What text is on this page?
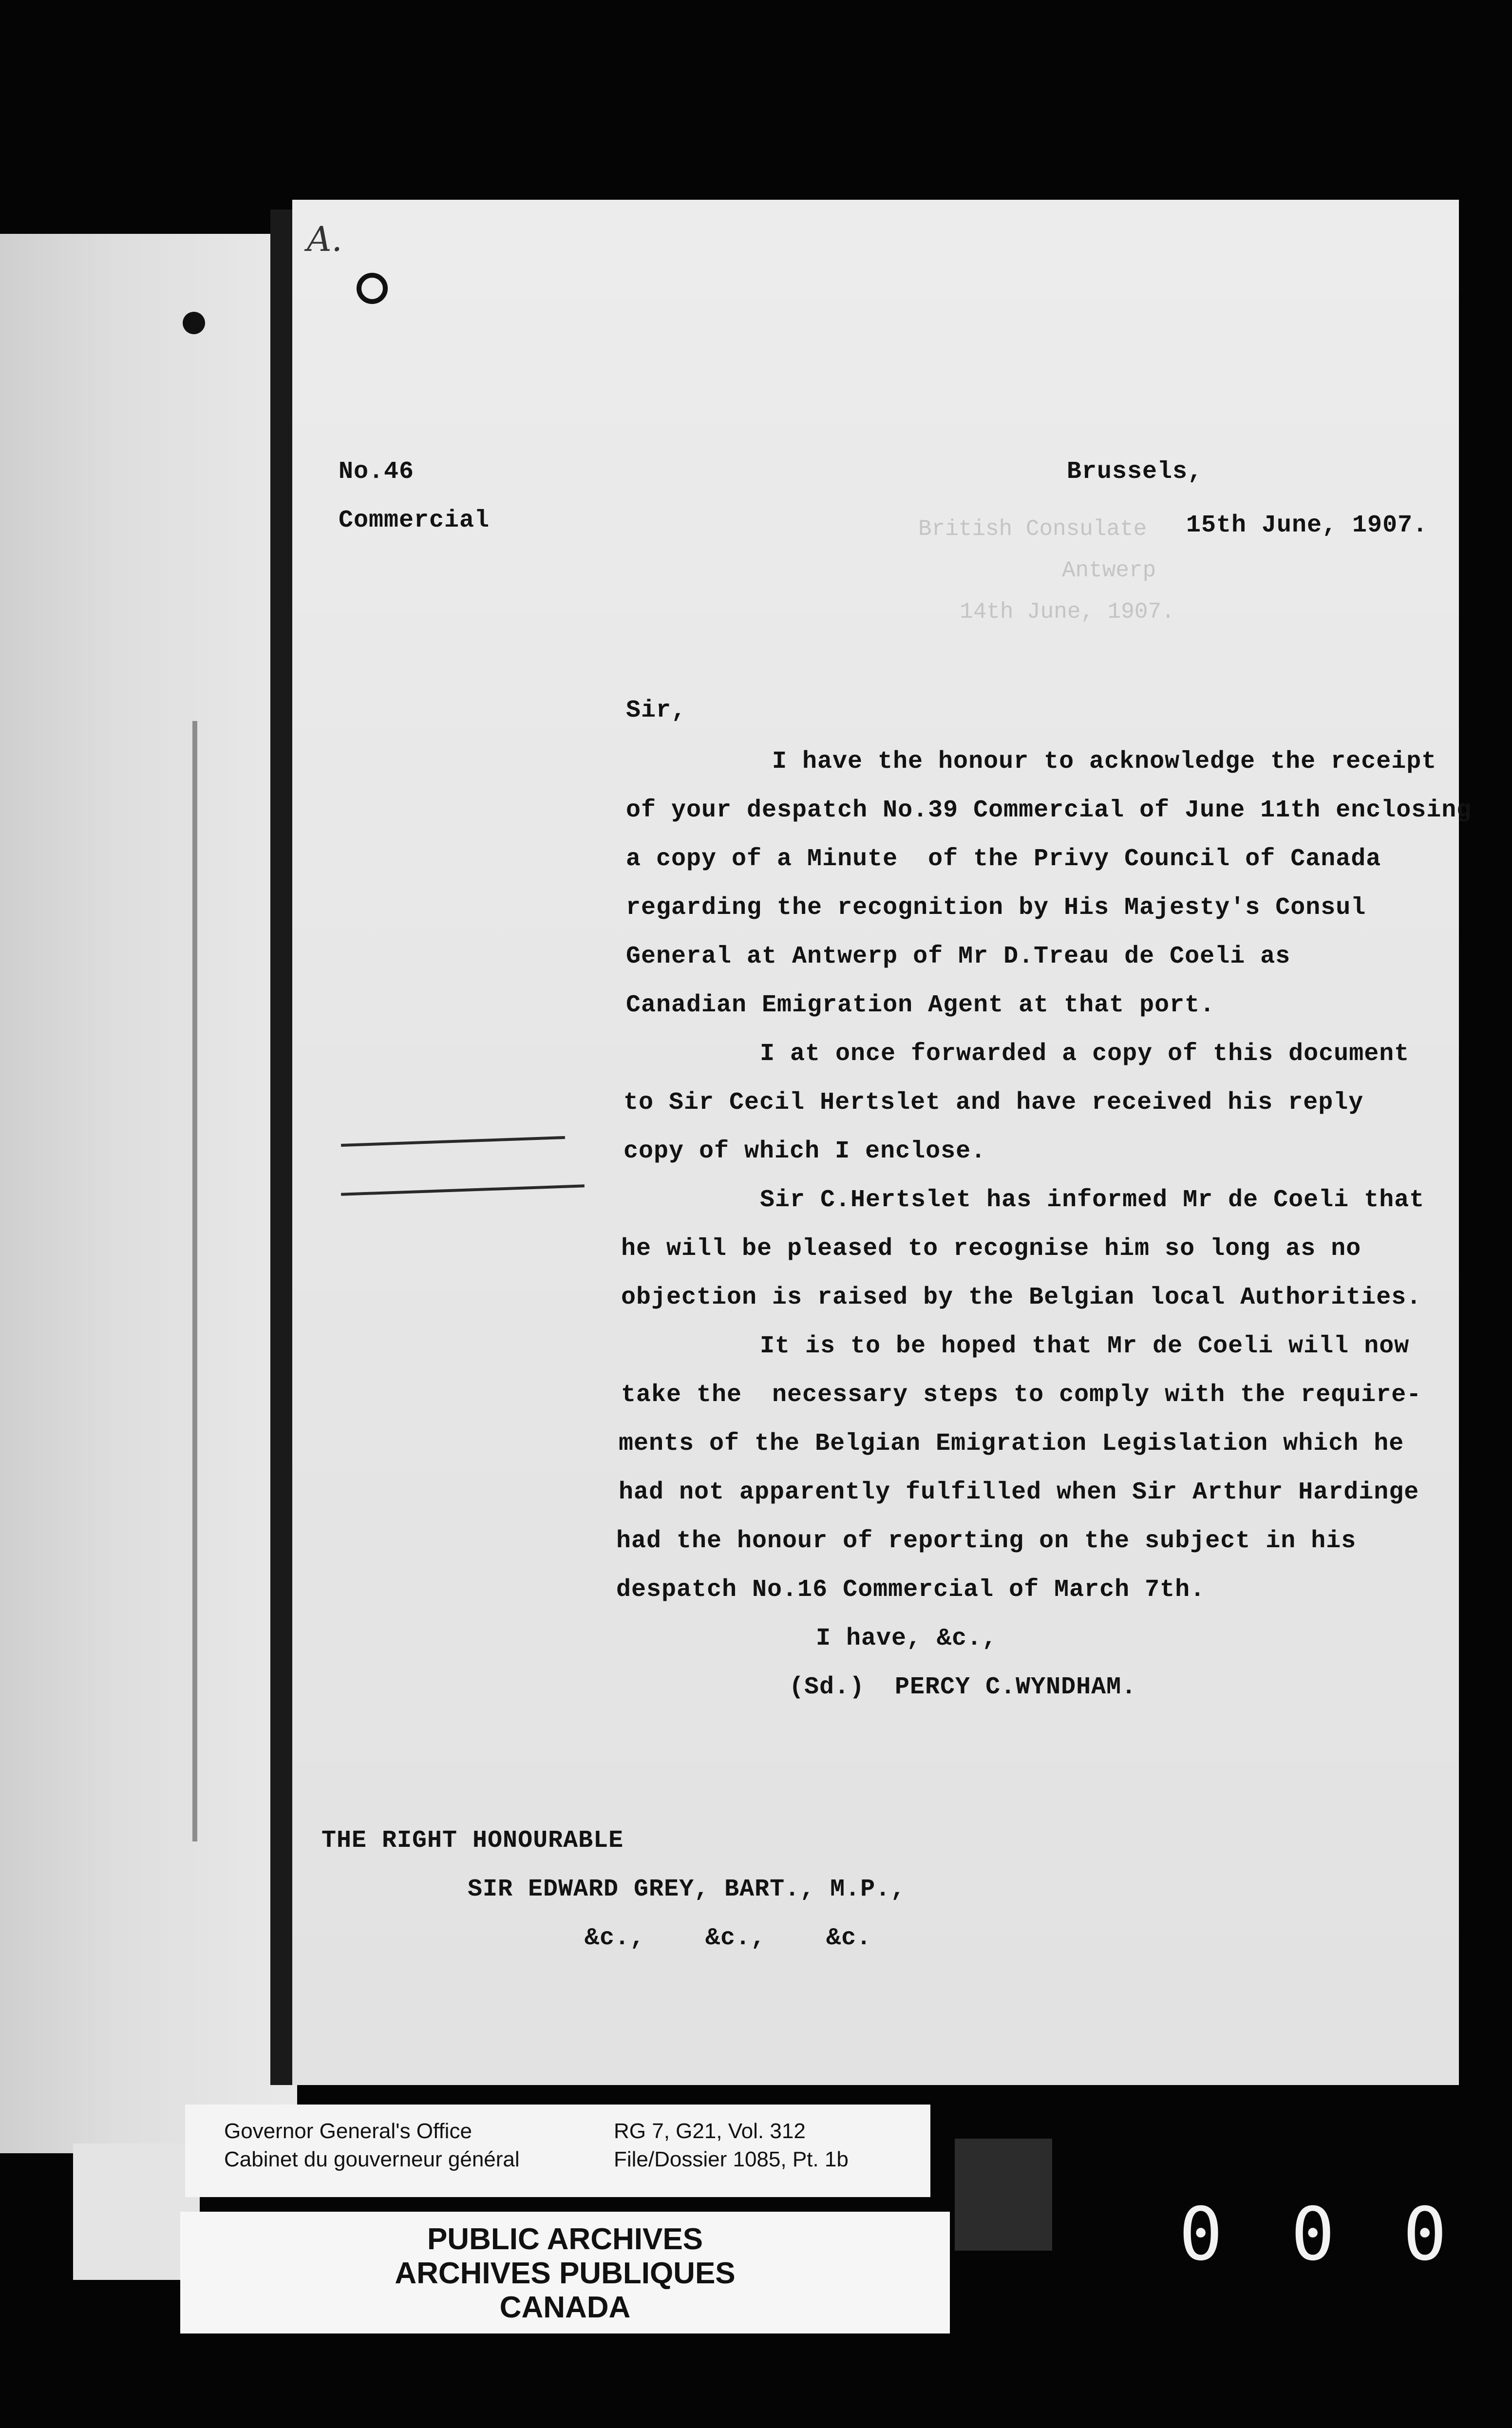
A.
British Consulate
Antwerp
14th June, 1907.
No.46
Commercial
Brussels,
15th June, 1907.
Sir,
I have the honour to acknowledge the receipt
of your despatch No.39 Commercial of June 11th enclosing
a copy of a Minute  of the Privy Council of Canada
regarding the recognition by His Majesty's Consul
General at Antwerp of Mr D.Treau de Coeli as
Canadian Emigration Agent at that port.
I at once forwarded a copy of this document
to Sir Cecil Hertslet and have received his reply
copy of which I enclose.
Sir C.Hertslet has informed Mr de Coeli that
he will be pleased to recognise him so long as no
objection is raised by the Belgian local Authorities.
It is to be hoped that Mr de Coeli will now
take the  necessary steps to comply with the require-
ments of the Belgian Emigration Legislation which he
had not apparently fulfilled when Sir Arthur Hardinge
had the honour of reporting on the subject in his
despatch No.16 Commercial of March 7th.
I have, &c.,
(Sd.)  PERCY C.WYNDHAM.
THE RIGHT HONOURABLE
SIR EDWARD GREY, BART., M.P.,
&c.,    &c.,    &c.
Governor General's Office
Cabinet du gouverneur général
RG 7, G21, Vol. 312
File/Dossier 1085, Pt. 1b
PUBLIC ARCHIVES
ARCHIVES PUBLIQUES
CANADA
0 0 0
